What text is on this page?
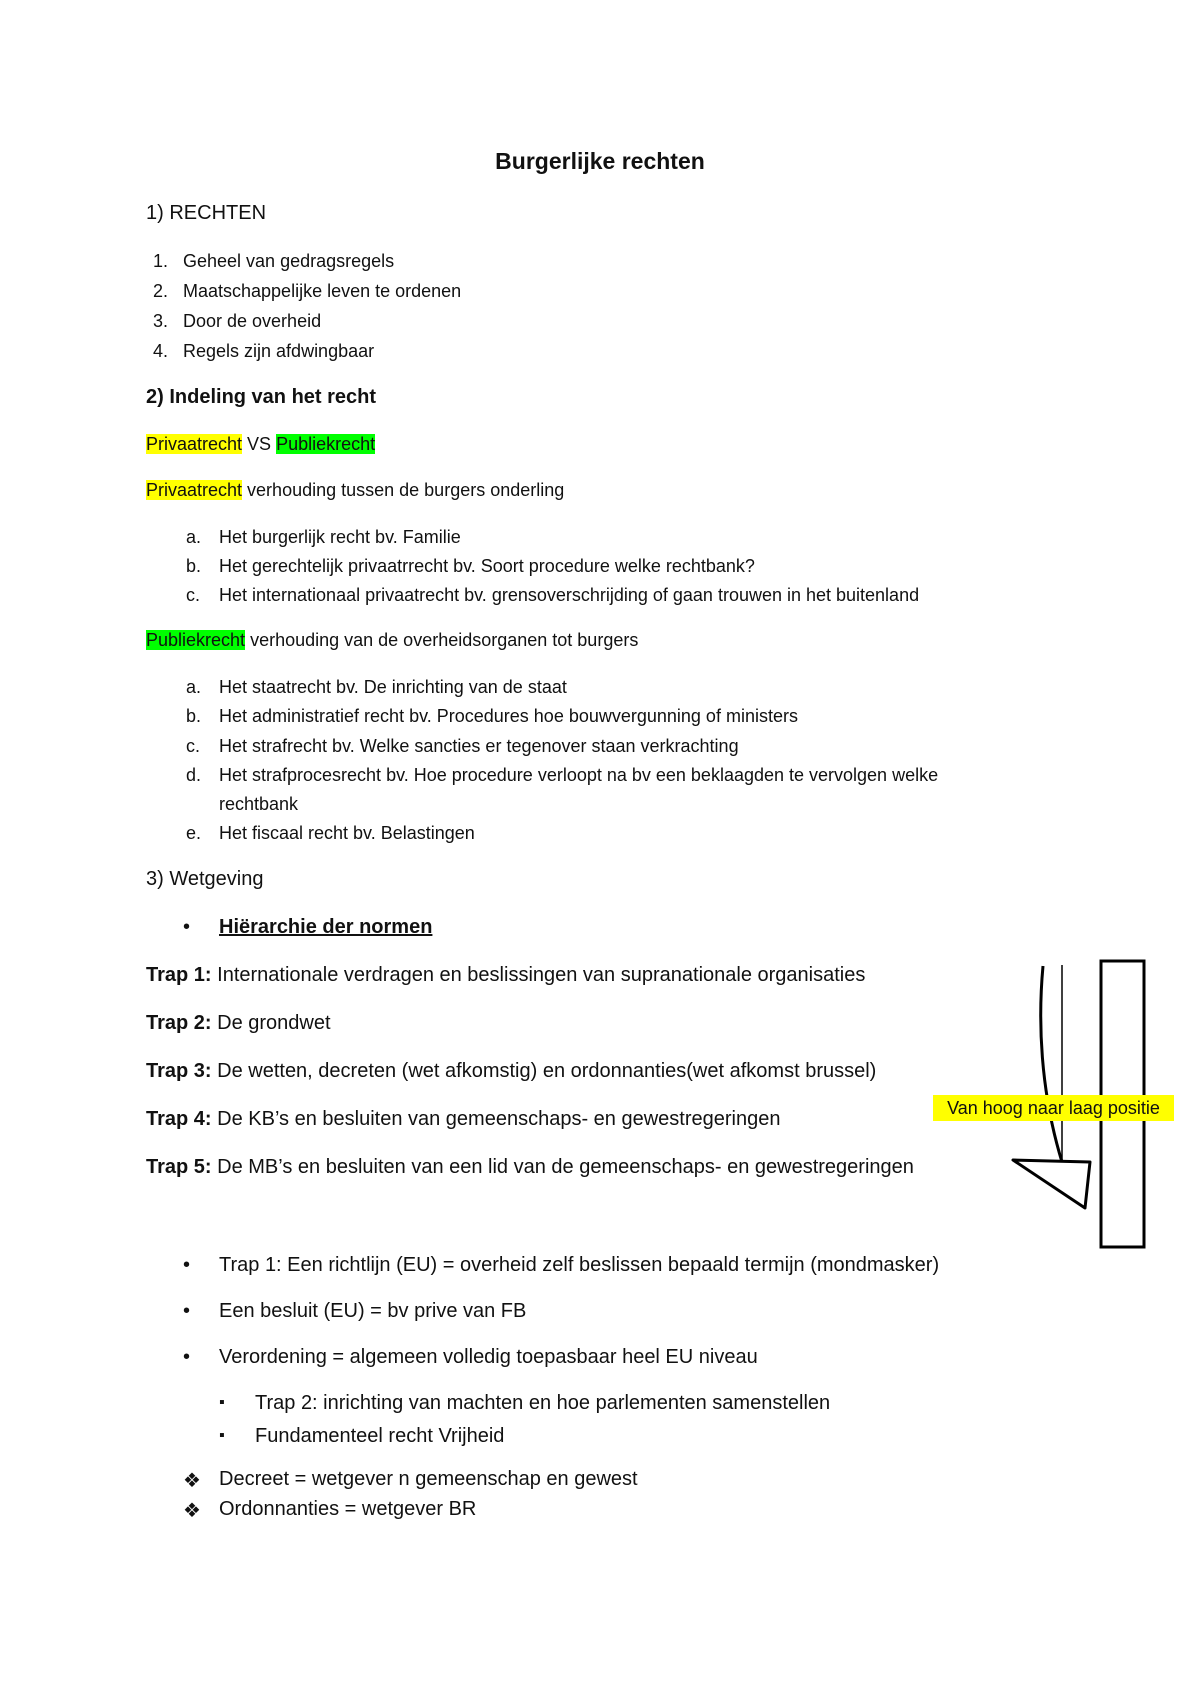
Burgerlijke rechten
1) RECHTEN
1. Geheel van gedragsregels
2. Maatschappelijke leven te ordenen
3. Door de overheid
4. Regels zijn afdwingbaar
2) Indeling van het recht
Privaatrecht VS Publiekrecht
Privaatrecht verhouding tussen de burgers onderling
a. Het burgerlijk recht bv. Familie
b. Het gerechtelijk privaatrrecht bv. Soort procedure welke rechtbank?
c. Het internationaal privaatrecht bv. grensoverschrijding of gaan trouwen in het buitenland
Publiekrecht verhouding van de overheidsorganen tot burgers
a. Het staatrecht bv. De inrichting van de staat
b. Het administratief recht bv. Procedures hoe bouwvergunning of ministers
c. Het strafrecht bv. Welke sancties er tegenover staan verkrachting
d. Het strafprocesrecht bv. Hoe procedure verloopt na bv een beklaagden te vervolgen welke
rechtbank
e. Het fiscaal recht bv. Belastingen
3) Wetgeving
• Hiërarchie der normen
Trap 1: Internationale verdragen en beslissingen van supranationale organisaties
Trap 2: De grondwet
Trap 3: De wetten, decreten (wet afkomstig) en ordonnanties(wet afkomst brussel)
Trap 4: De KB’s en besluiten van gemeenschaps- en gewestregeringen
Trap 5: De MB’s en besluiten van een lid van de gemeenschaps- en gewestregeringen
Van hoog naar laag positie
• Trap 1: Een richtlijn (EU) = overheid zelf beslissen bepaald termijn (mondmasker)
• Een besluit (EU) = bv prive van FB
• Verordening = algemeen volledig toepasbaar heel EU niveau
▪ Trap 2: inrichting van machten en hoe parlementen samenstellen
▪ Fundamenteel recht Vrijheid
❖ Decreet = wetgever n gemeenschap en gewest
❖ Ordonnanties = wetgever BR
